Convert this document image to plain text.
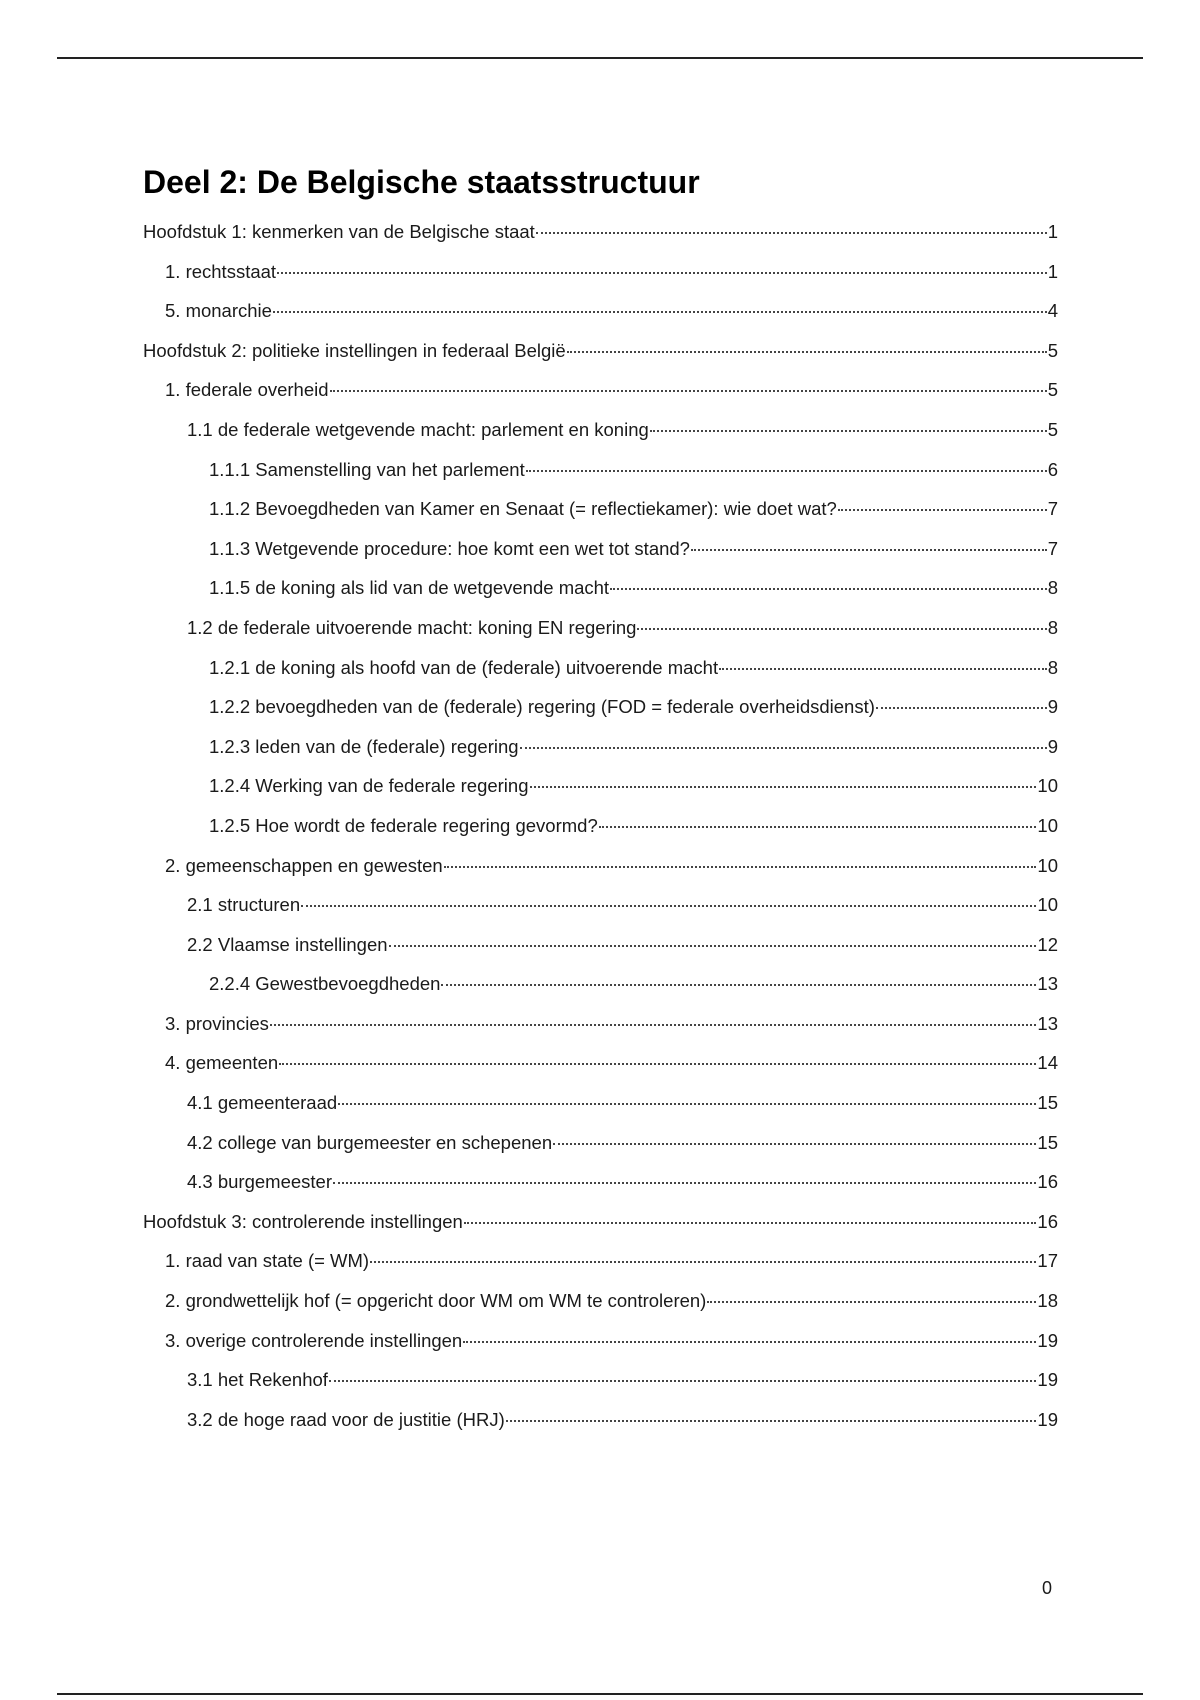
Deel 2: De Belgische staatsstructuur
Hoofdstuk 1: kenmerken van de Belgische staat	1
1. rechtsstaat	1
5. monarchie	4
Hoofdstuk 2: politieke instellingen in federaal België	5
1. federale overheid	5
1.1 de federale wetgevende macht: parlement en koning	5
1.1.1 Samenstelling van het parlement	6
1.1.2 Bevoegdheden van Kamer en Senaat (= reflectiekamer): wie doet wat?	7
1.1.3 Wetgevende procedure: hoe komt een wet tot stand?	7
1.1.5 de koning als lid van de wetgevende macht	8
1.2 de federale uitvoerende macht: koning EN regering	8
1.2.1 de koning als hoofd van de (federale) uitvoerende macht	8
1.2.2 bevoegdheden van de (federale) regering (FOD = federale overheidsdienst)	9
1.2.3 leden van de (federale) regering	9
1.2.4 Werking van de federale regering	10
1.2.5 Hoe wordt de federale regering gevormd?	10
2. gemeenschappen en gewesten	10
2.1 structuren	10
2.2 Vlaamse instellingen	12
2.2.4 Gewestbevoegdheden	13
3. provincies	13
4. gemeenten	14
4.1 gemeenteraad	15
4.2 college van burgemeester en schepenen	15
4.3 burgemeester	16
Hoofdstuk 3: controlerende instellingen	16
1. raad van state (= WM)	17
2. grondwettelijk hof (= opgericht door WM om WM te controleren)	18
3. overige controlerende instellingen	19
3.1 het Rekenhof	19
3.2 de hoge raad voor de justitie (HRJ)	19
0
